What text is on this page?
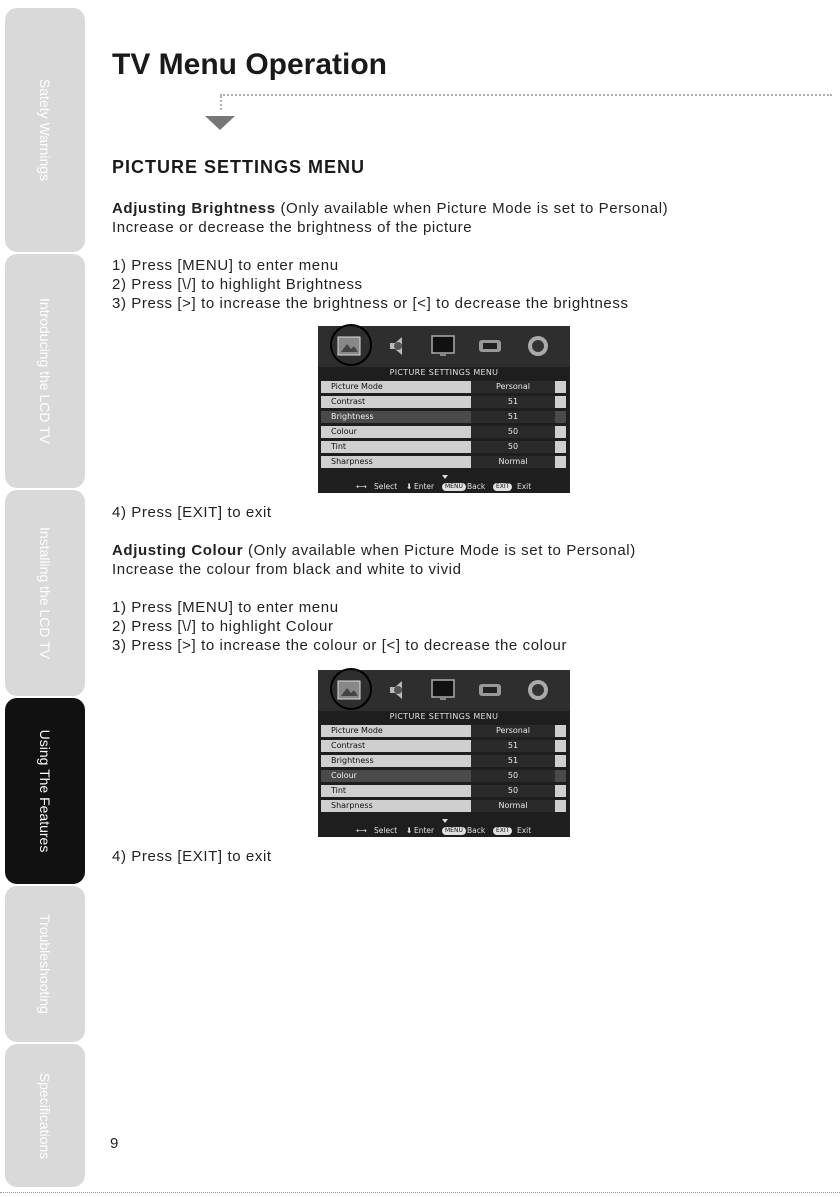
Satety Warnings
Introducing the LCD TV
Installing the LCD TV
Using The Features
Troubleshooting
Specifications
TV Menu Operation
PICTURE SETTINGS MENU
Adjusting Brightness (Only available when Picture Mode is set to Personal)
Increase or decrease the brightness of the picture
1) Press [MENU] to enter menu
2) Press [\/] to highlight Brightness
3) Press [>] to increase the brightness or [<] to decrease the brightness
PICTURE SETTINGS MENU
Picture Mode	Personal
Contrast	51
Brightness	51
Colour	50
Tint	50
Sharpness	Normal
⟷ Select ⬇ Enter	MENU Back	EXIT	Exit
4) Press [EXIT] to exit
Adjusting Colour (Only available when Picture Mode is set to Personal)
Increase the colour from black and white to vivid
1) Press [MENU] to enter menu
2) Press [\/] to highlight Colour
3) Press [>] to increase the colour or [<] to decrease the colour
PICTURE SETTINGS MENU
Picture Mode	Personal
Contrast	51
Brightness	51
Colour	50
Tint	50
Sharpness	Normal
⟷ Select ⬇ Enter	MENU Back	EXIT	Exit
4) Press [EXIT] to exit
9
